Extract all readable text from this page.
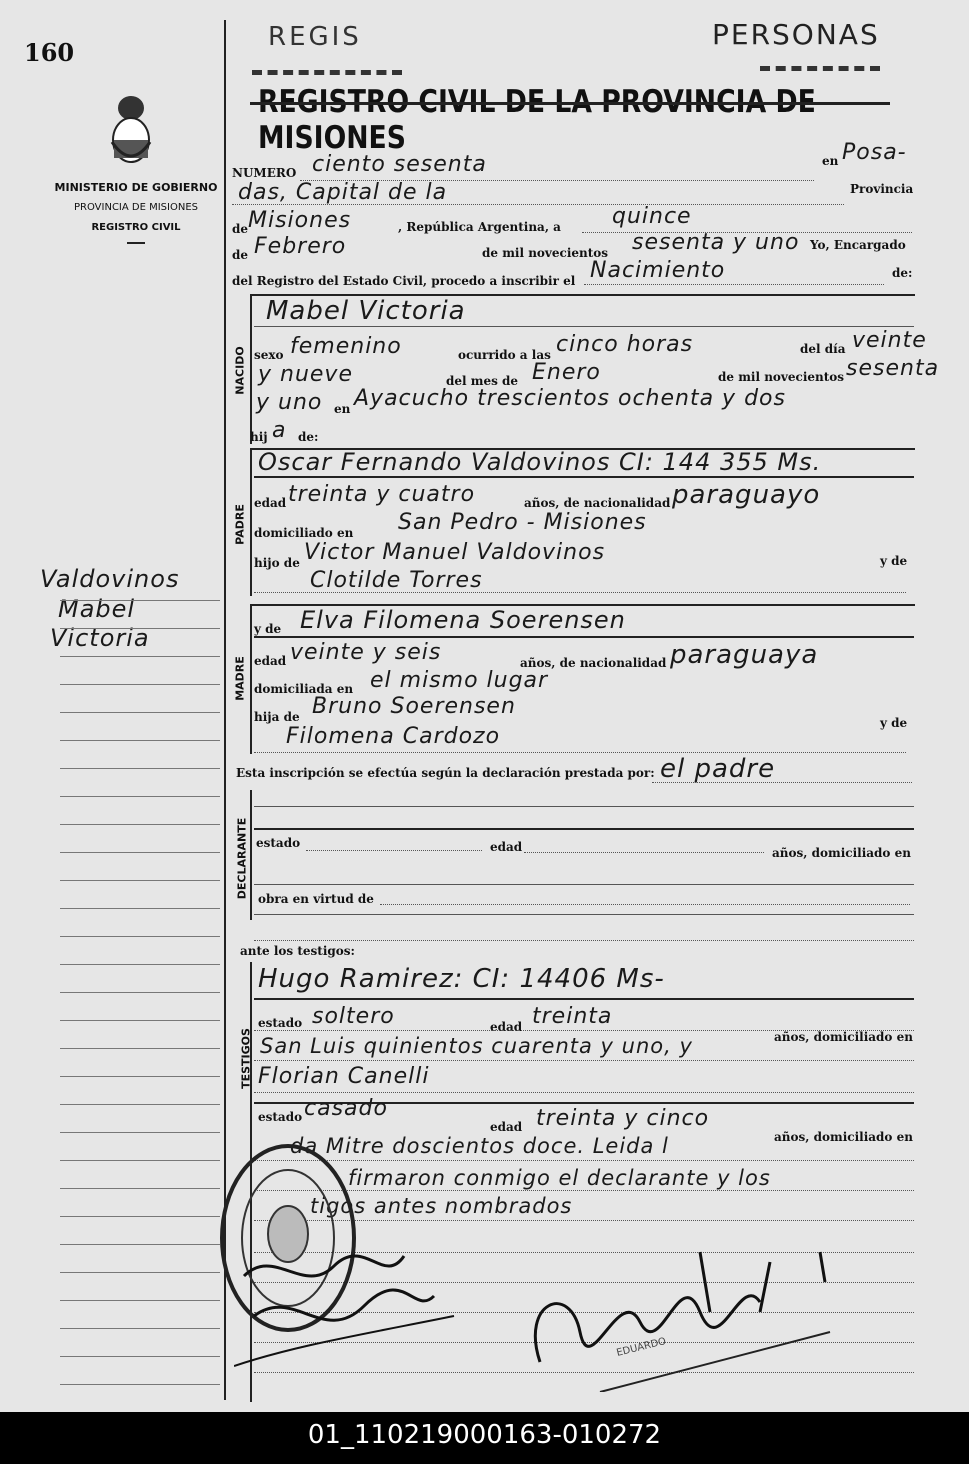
160
MINISTERIO DE GOBIERNO
PROVINCIA DE MISIONES
REGISTRO CIVIL
Valdovinos
Mabel
Victoria
REGIS	PERSONAS
REGISTRO CIVIL DE LA PROVINCIA DE MISIONES
NUMERO ciento sesenta	en Posa-
das, Capital de la	Provincia
de Misiones	, República Argentina, a quince
de Febrero	de mil novecientos sesenta y uno Yo, Encargado
del Registro del Estado Civil, procedo a inscribir el Nacimiento	de:
NACIDO
Mabel Victoria
sexo femenino	ocurrido a las cinco horas	del día veinte
y nueve	del mes de Enero	de mil novecientos sesenta
y uno en Ayacucho trescientos ochenta y dos
hij a de:
PADRE
Oscar Fernando Valdovinos CI: 144 355 Ms.
edad treinta y cuatro	años, de nacionalidad paraguayo
domiciliado en San Pedro - Misiones
hijo de Victor Manuel Valdovinos	y de
Clotilde Torres
MADRE
y de Elva Filomena Soerensen
edad veinte y seis	años, de nacionalidad paraguaya
domiciliada en el mismo lugar
hija de Bruno Soerensen
y de
Filomena Cardozo
Esta inscripción se efectúa según la declaración prestada por: el padre
DECLARANTE estado	edad	años, domiciliado en
obra en virtud de
ante los testigos:
TESTIGOS
Hugo Ramirez: CI: 14406 Ms-
estado soltero	edad treinta
años, domiciliado en
San Luis quinientos cuarenta y uno, y
Florian Canelli
estado casado
edad treinta y cinco
años, domiciliado en
da Mitre doscientos doce. Leida l
firmaron conmigo el declarante y los
tigos antes nombrados
EDUARDO
01_110219000163-010272
